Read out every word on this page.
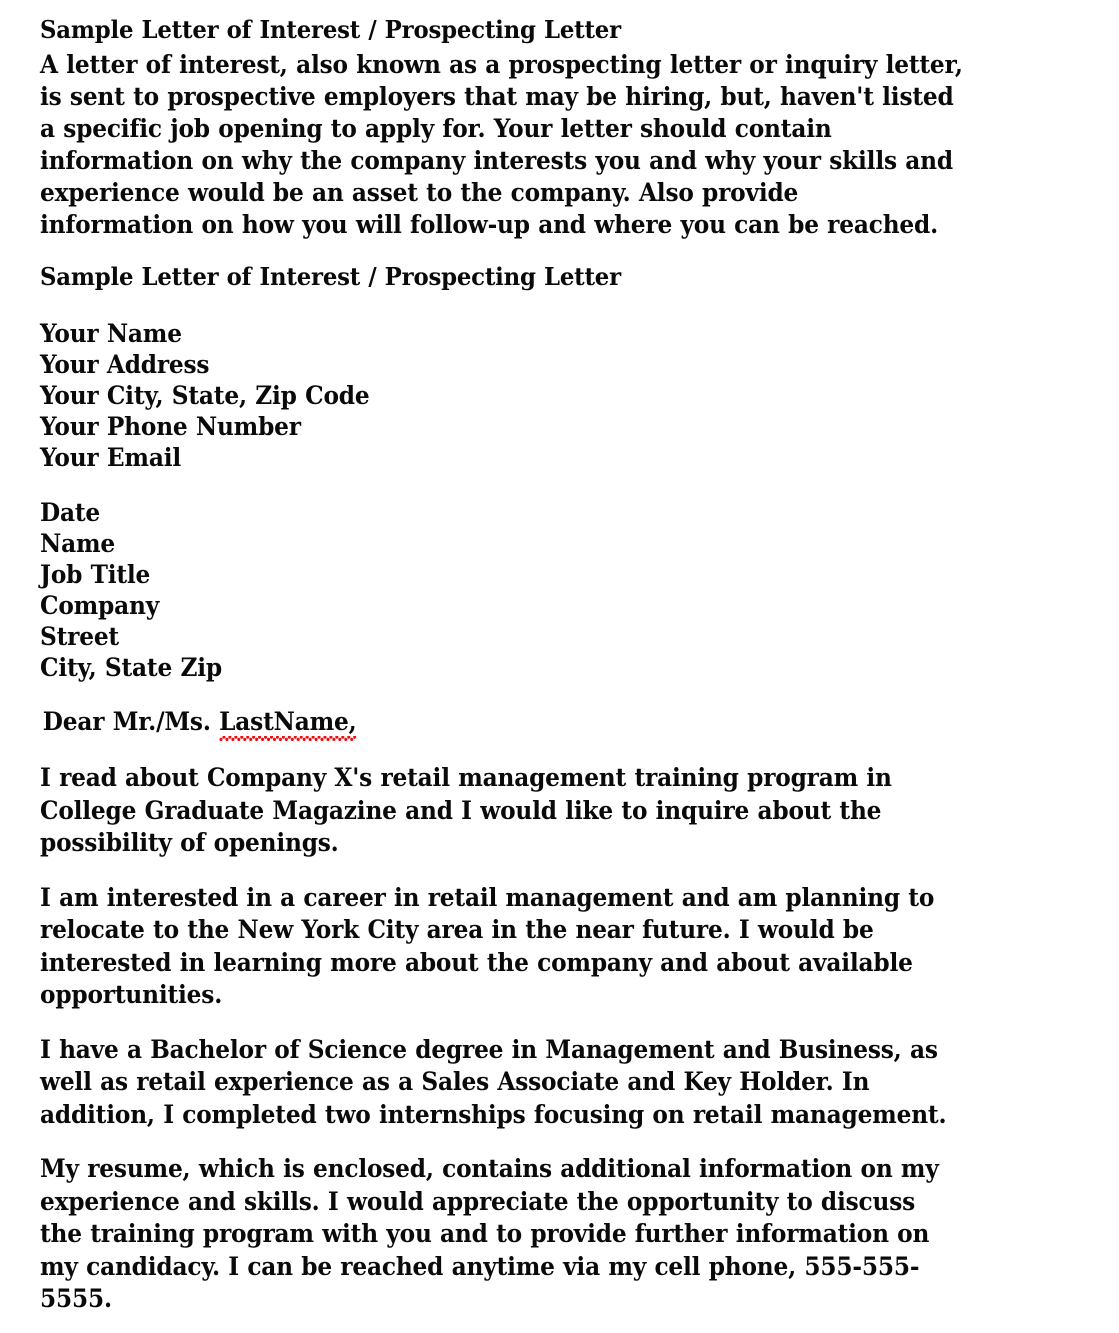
Sample Letter of Interest / Prospecting Letter
A letter of interest, also known as a prospecting letter or inquiry letter,
is sent to prospective employers that may be hiring, but, haven't listed
a specific job opening to apply for. Your letter should contain
information on why the company interests you and why your skills and
experience would be an asset to the company. Also provide
information on how you will follow-up and where you can be reached.
Sample Letter of Interest / Prospecting Letter
Your Name
Your Address
Your City, State, Zip Code
Your Phone Number
Your Email
Date
Name
Job Title
Company
Street
City, State Zip

Dear Mr./Ms. LastName,

I read about Company X's retail management training program in
College Graduate Magazine and I would like to inquire about the
possibility of openings.
I am interested in a career in retail management and am planning to
relocate to the New York City area in the near future. I would be
interested in learning more about the company and about available
opportunities.
I have a Bachelor of Science degree in Management and Business, as
well as retail experience as a Sales Associate and Key Holder. In
addition, I completed two internships focusing on retail management.
My resume, which is enclosed, contains additional information on my
experience and skills. I would appreciate the opportunity to discuss
the training program with you and to provide further information on
my candidacy. I can be reached anytime via my cell phone, 555-555-
5555.
